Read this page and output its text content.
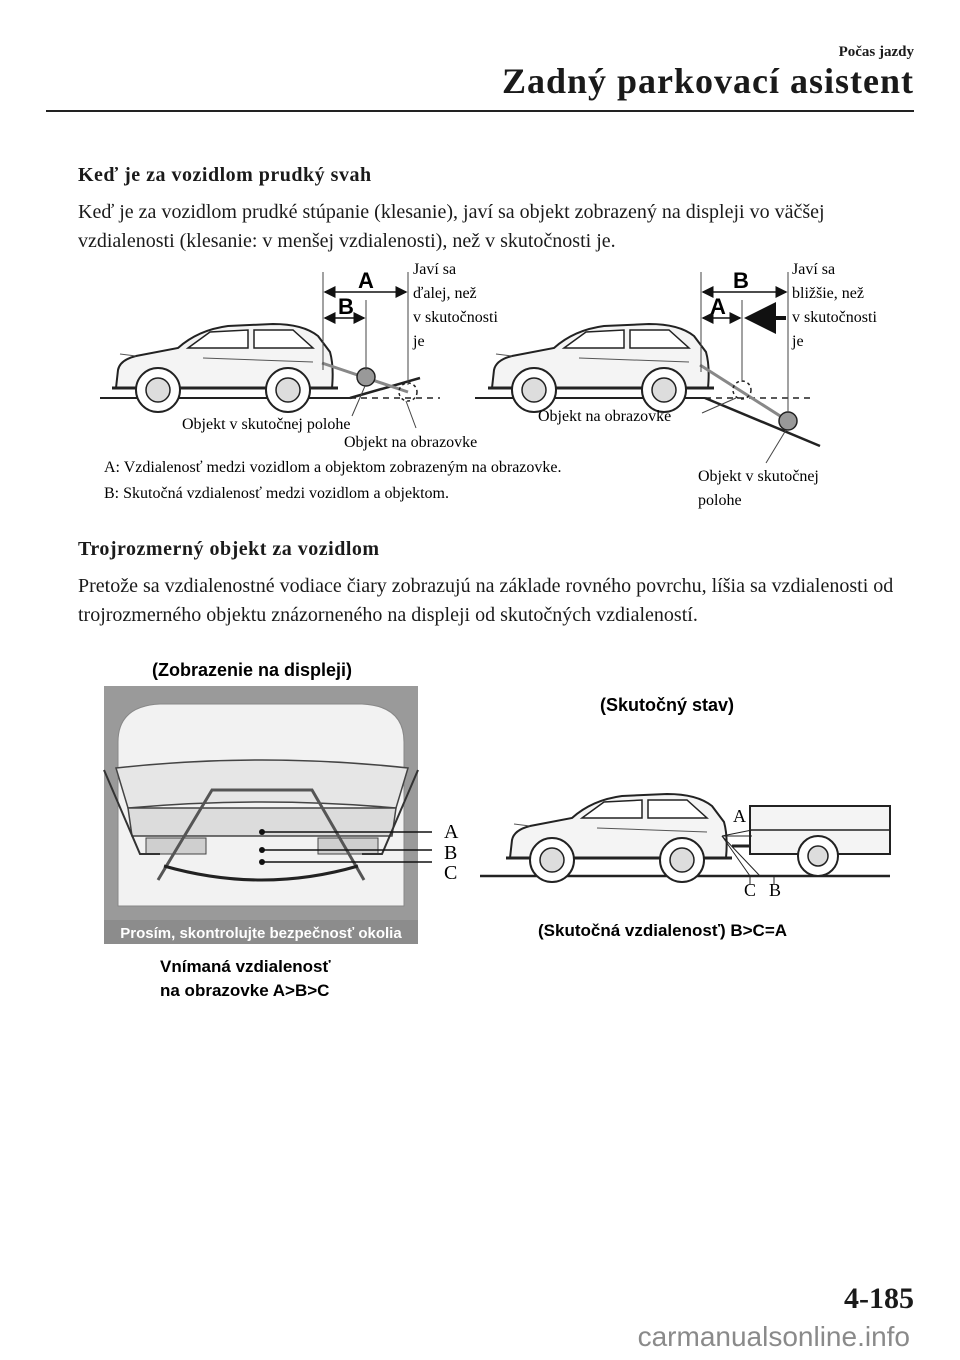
Počas jazdy
Zadný parkovací asistent
Keď je za vozidlom prudký svah
Keď je za vozidlom prudké stúpanie (klesanie), javí sa objekt zobrazený na displeji vo väčšej vzdialenosti (klesanie: v menšej vzdialenosti), než v skutočnosti je.
A
B
Javí sa
ďalej, než
v skutočnosti
je
Objekt v skutočnej polohe
Objekt na obrazovke
B
A
Javí sa
bližšie, než
v skutočnosti
je
Objekt na obrazovke
Objekt v skutočnej
polohe
A: Vzdialenosť medzi vozidlom a objektom zobrazeným na obrazovke.
B: Skutočná vzdialenosť medzi vozidlom a objektom.
Trojrozmerný objekt za vozidlom
Pretože sa vzdialenostné vodiace čiary zobrazujú na základe rovného povrchu, líšia sa vzdialenosti od trojrozmerného objektu znázorneného na displeji od skutočných vzdialeností.
(Zobrazenie na displeji)
Prosím, skontrolujte bezpečnosť okolia
A
B
C
Vnímaná vzdialenosť
na obrazovke A>B>C
(Skutočný stav)
A
C B
(Skutočná vzdialenosť) B>C=A
4-185
carmanualsonline.info
